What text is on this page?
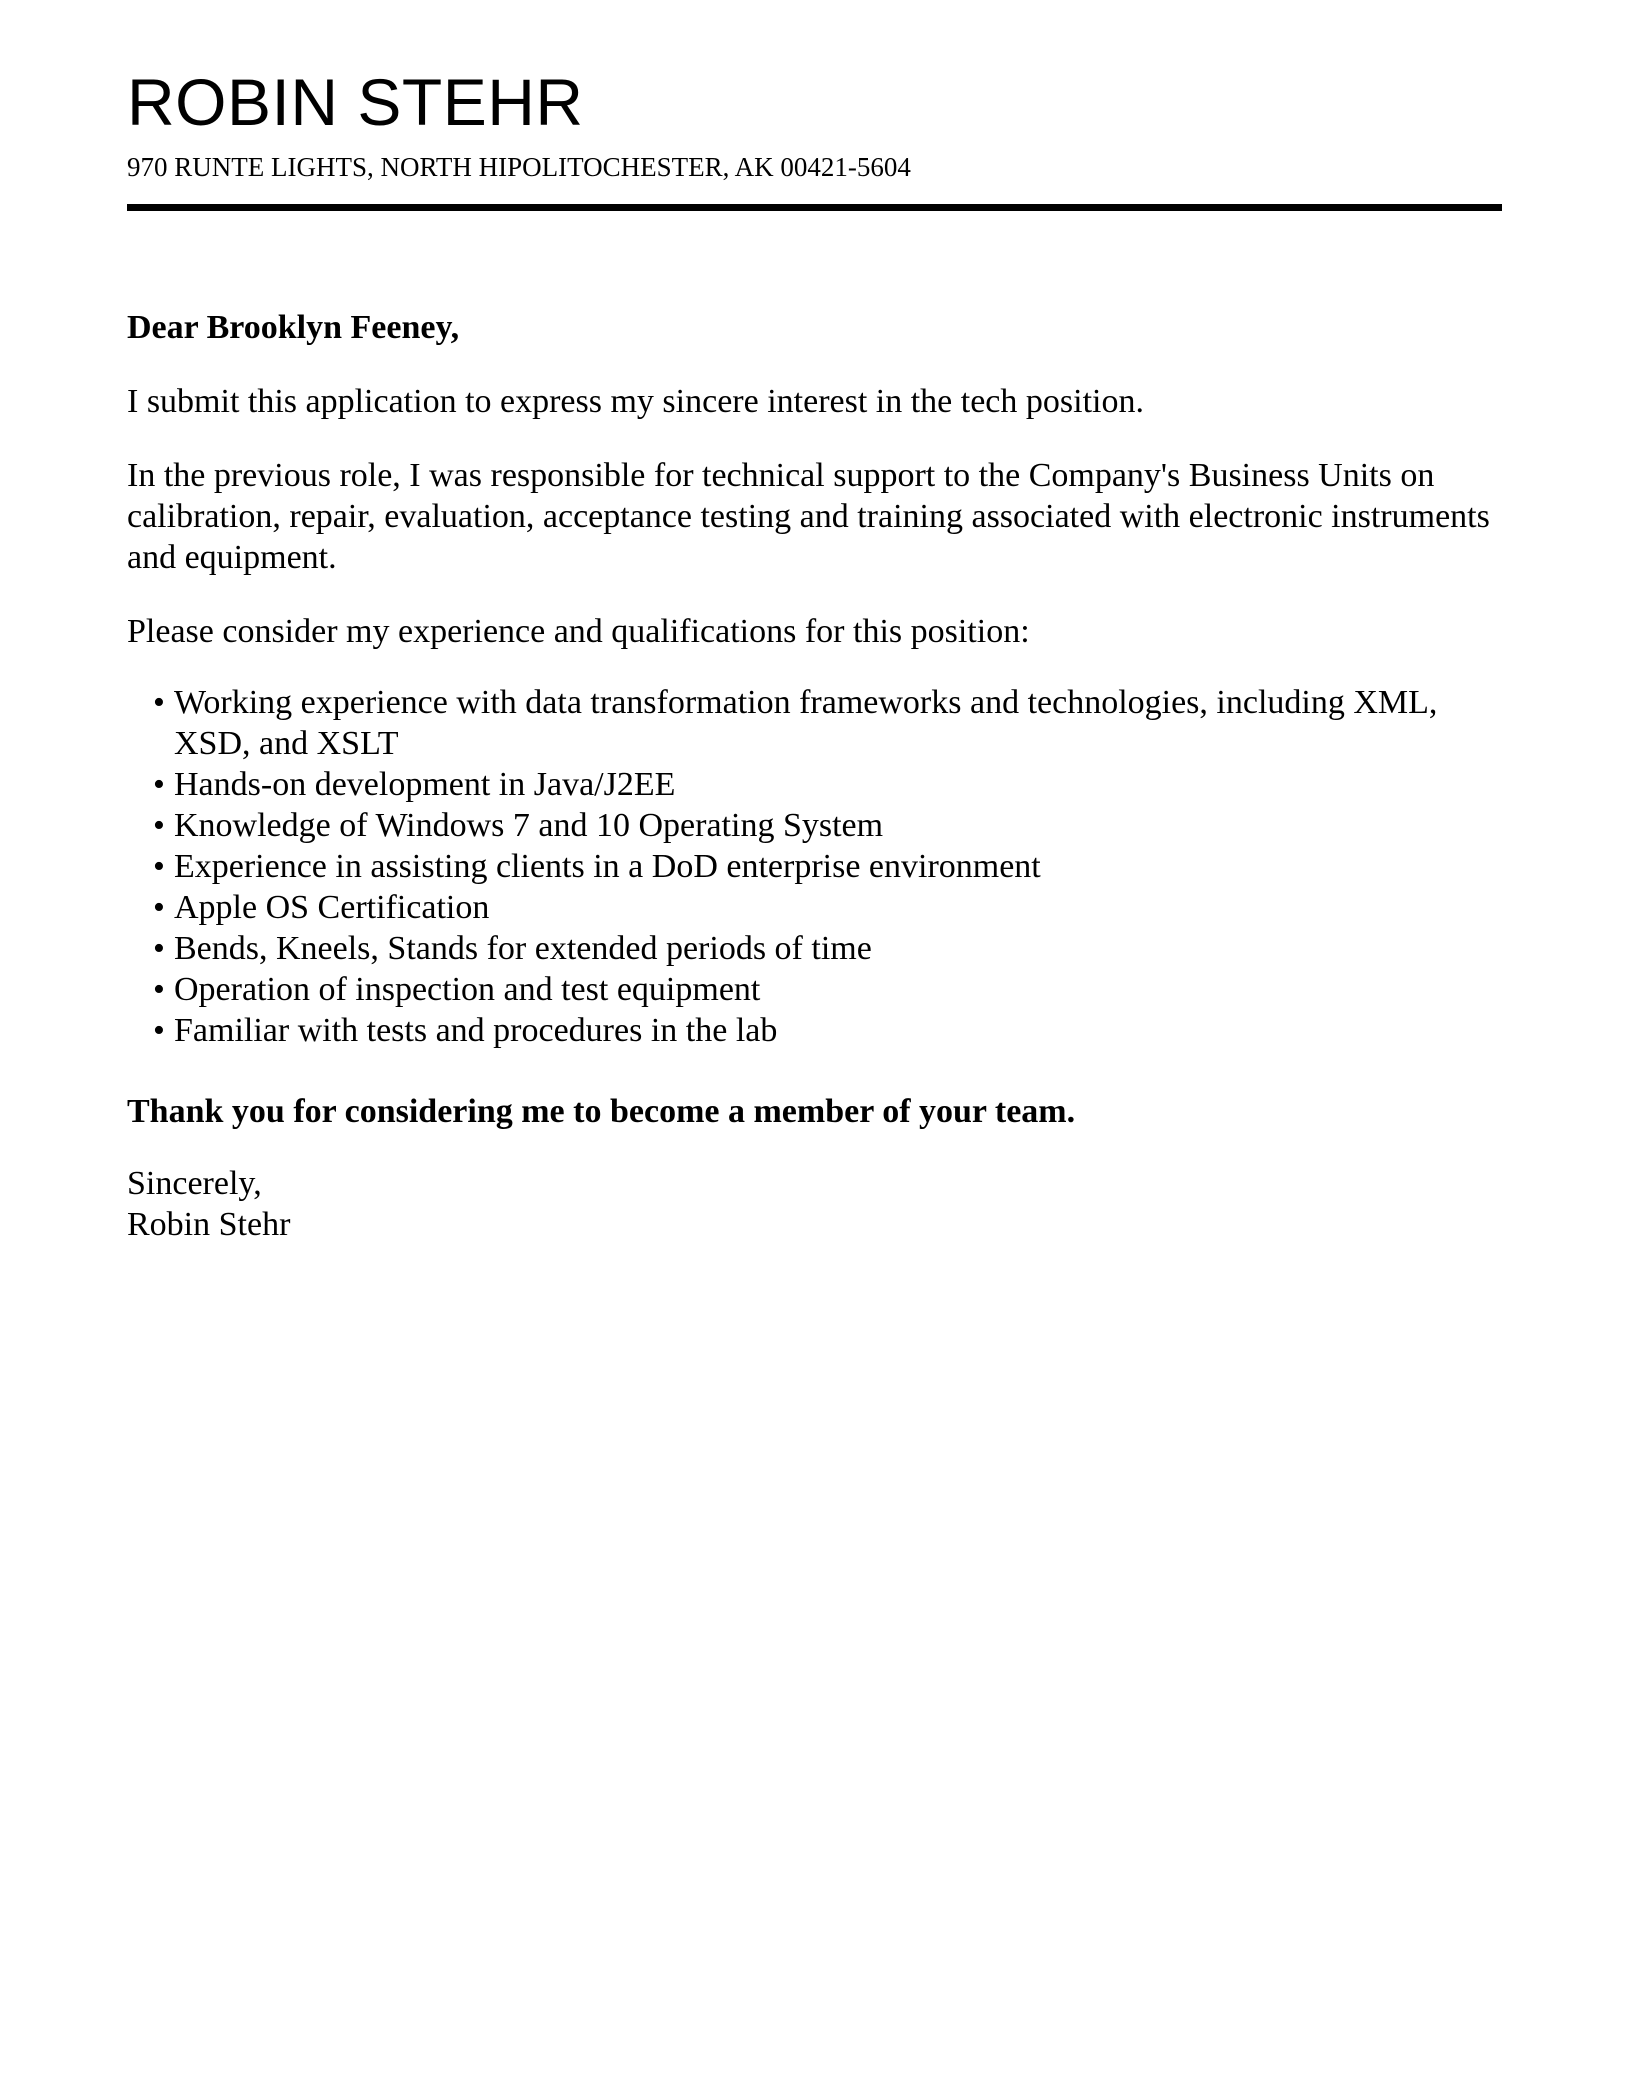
ROBIN STEHR
970 RUNTE LIGHTS, NORTH HIPOLITOCHESTER, AK 00421-5604

Dear Brooklyn Feeney,

I submit this application to express my sincere interest in the tech position.

In the previous role, I was responsible for technical support to the Company's Business Units on calibration, repair, evaluation, acceptance testing and training associated with electronic instruments and equipment.

Please consider my experience and qualifications for this position:

• Working experience with data transformation frameworks and technologies, including XML, XSD, and XSLT
• Hands-on development in Java/J2EE
• Knowledge of Windows 7 and 10 Operating System
• Experience in assisting clients in a DoD enterprise environment
• Apple OS Certification
• Bends, Kneels, Stands for extended periods of time
• Operation of inspection and test equipment
• Familiar with tests and procedures in the lab

Thank you for considering me to become a member of your team.

Sincerely,
Robin Stehr
